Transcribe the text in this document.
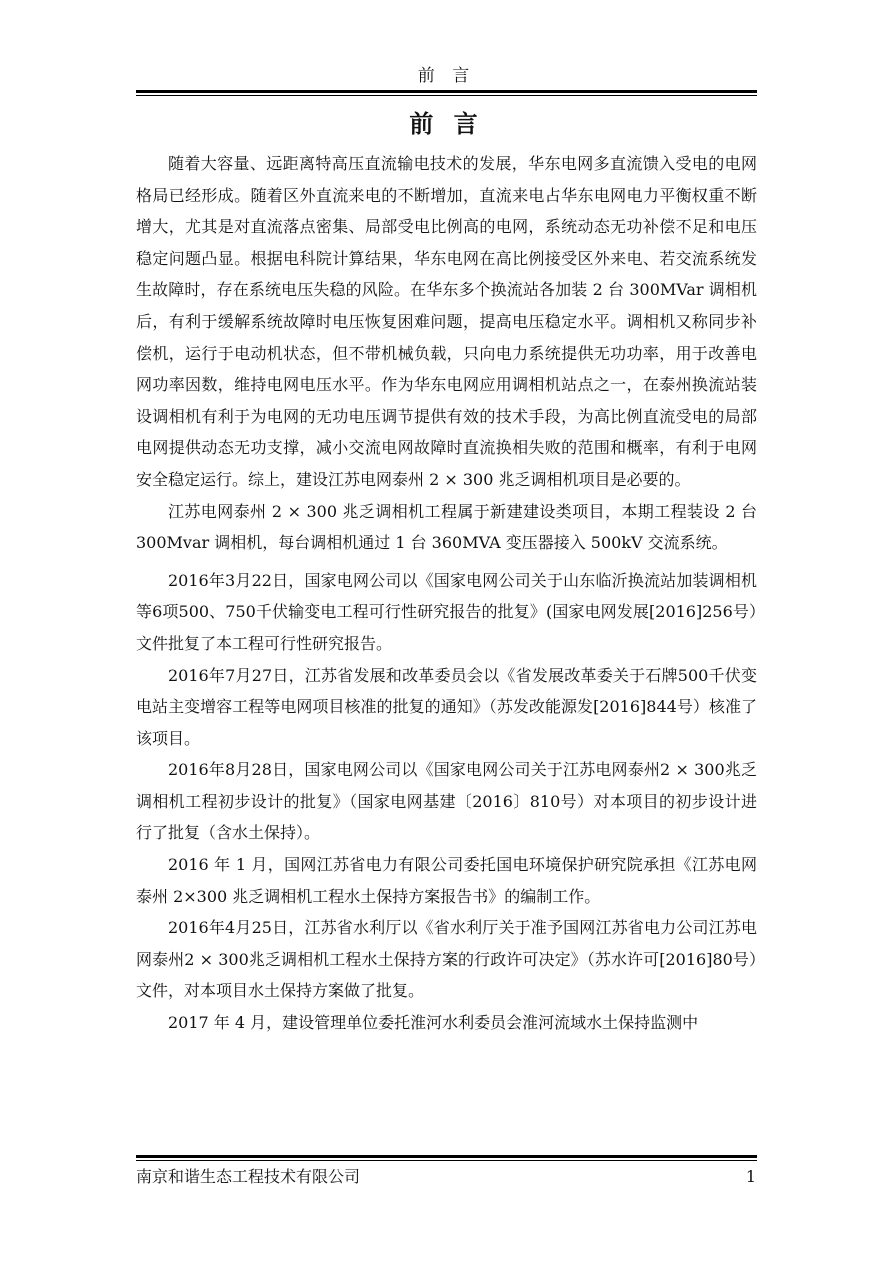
前 言
前 言

随着大容量、远距离特高压直流输电技术的发展，华东电网多直流馈入受电的电网格局已经形成。随着区外直流来电的不断增加，直流来电占华东电网电力平衡权重不断增大，尤其是对直流落点密集、局部受电比例高的电网，系统动态无功补偿不足和电压稳定问题凸显。根据电科院计算结果，华东电网在高比例接受区外来电、若交流系统发生故障时，存在系统电压失稳的风险。在华东多个换流站各加装 2 台 300MVar 调相机后，有利于缓解系统故障时电压恢复困难问题，提高电压稳定水平。调相机又称同步补偿机，运行于电动机状态，但不带机械负载，只向电力系统提供无功功率，用于改善电网功率因数，维持电网电压水平。作为华东电网应用调相机站点之一，在泰州换流站装设调相机有利于为电网的无功电压调节提供有效的技术手段，为高比例直流受电的局部电网提供动态无功支撑，减小交流电网故障时直流换相失败的范围和概率，有利于电网安全稳定运行。综上，建设江苏电网泰州 2 × 300 兆乏调相机项目是必要的。

江苏电网泰州 2 × 300 兆乏调相机工程属于新建建设类项目，本期工程装设 2 台 300Mvar 调相机，每台调相机通过 1 台 360MVA 变压器接入 500kV 交流系统。

2016年3月22日，国家电网公司以《国家电网公司关于山东临沂换流站加装调相机等6项500、750千伏输变电工程可行性研究报告的批复》(国家电网发展[2016]256号）文件批复了本工程可行性研究报告。

2016年7月27日，江苏省发展和改革委员会以《省发展改革委关于石牌500千伏变电站主变增容工程等电网项目核准的批复的通知》（苏发改能源发[2016]844号）核准了该项目。

2016年8月28日，国家电网公司以《国家电网公司关于江苏电网泰州2 × 300兆乏调相机工程初步设计的批复》（国家电网基建〔2016〕810号）对本项目的初步设计进行了批复（含水土保持）。

2016 年 1 月，国网江苏省电力有限公司委托国电环境保护研究院承担《江苏电网泰州 2×300 兆乏调相机工程水土保持方案报告书》的编制工作。

2016年4月25日，江苏省水利厅以《省水利厅关于准予国网江苏省电力公司江苏电网泰州2 × 300兆乏调相机工程水土保持方案的行政许可决定》（苏水许可[2016]80号）文件，对本项目水土保持方案做了批复。

2017 年 4 月，建设管理单位委托淮河水利委员会淮河流域水土保持监测中

南京和谐生态工程技术有限公司	1
